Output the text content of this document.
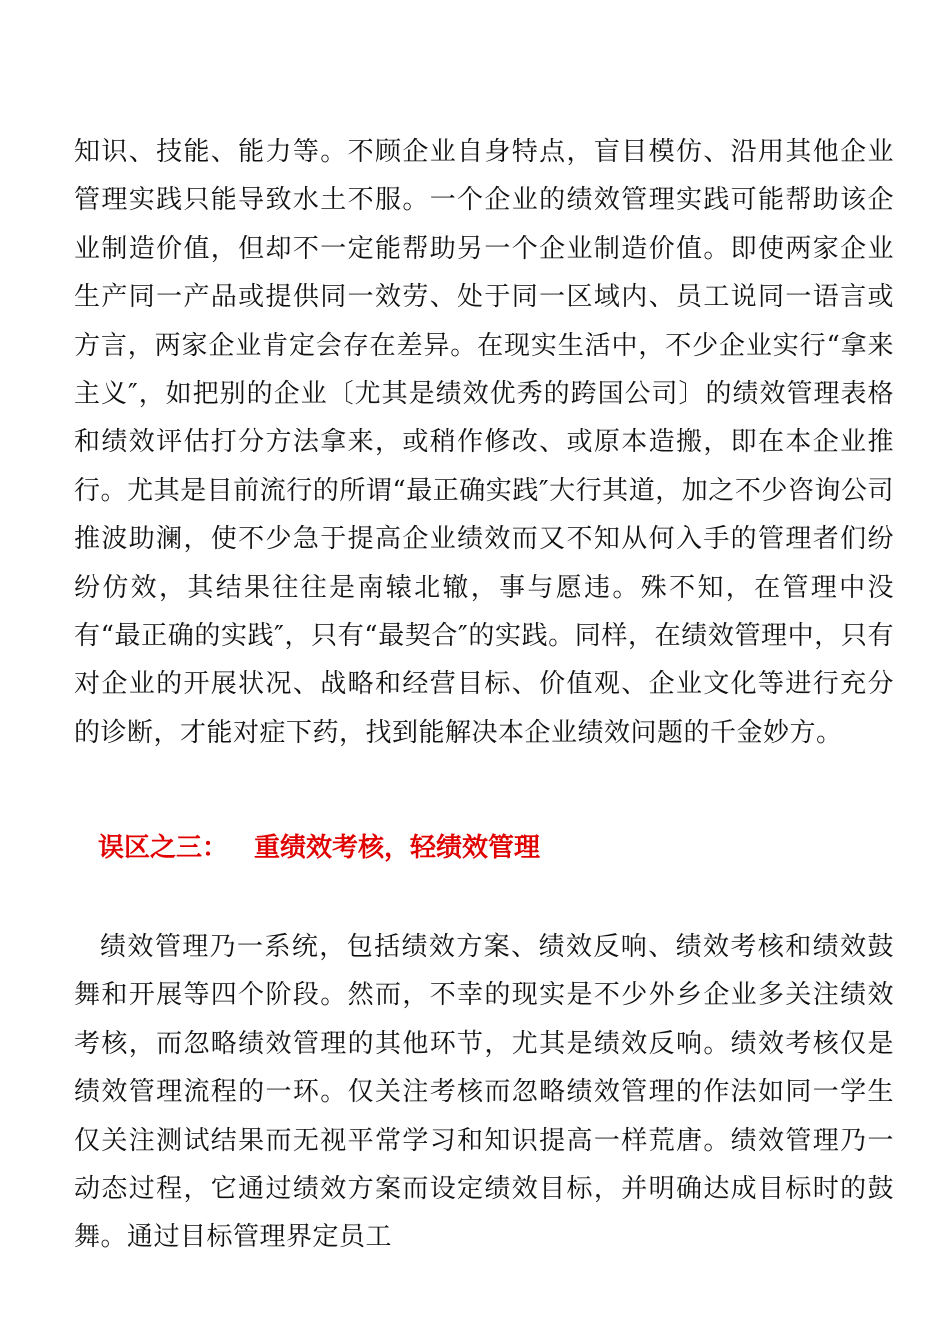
知识、技能、能力等。不顾企业自身特点，盲目模仿、沿用其他企业管理实践只能导致水土不服。一个企业的绩效管理实践可能帮助该企业制造价值，但却不一定能帮助另一个企业制造价值。即使两家企业生产同一产品或提供同一效劳、处于同一区域内、员工说同一语言或方言，两家企业肯定会存在差异。在现实生活中，不少企业实行“拿来主义″，如把别的企业〔尤其是绩效优秀的跨国公司〕的绩效管理表格和绩效评估打分方法拿来，或稍作修改、或原本造搬，即在本企业推行。尤其是目前流行的所谓“最正确实践″大行其道，加之不少咨询公司推波助澜，使不少急于提高企业绩效而又不知从何入手的管理者们纷纷仿效，其结果往往是南辕北辙，事与愿违。殊不知，在管理中没有“最正确的实践″，只有“最契合″的实践。同样，在绩效管理中，只有对企业的开展状况、战略和经营目标、价值观、企业文化等进行充分的诊断，才能对症下药，找到能解决本企业绩效问题的千金妙方。

误区之三： 重绩效考核，轻绩效管理

绩效管理乃一系统，包括绩效方案、绩效反响、绩效考核和绩效鼓舞和开展等四个阶段。然而，不幸的现实是不少外乡企业多关注绩效考核，而忽略绩效管理的其他环节，尤其是绩效反响。绩效考核仅是绩效管理流程的一环。仅关注考核而忽略绩效管理的作法如同一学生仅关注测试结果而无视平常学习和知识提高一样荒唐。绩效管理乃一动态过程，它通过绩效方案而设定绩效目标，并明确达成目标时的鼓舞。通过目标管理界定员工
